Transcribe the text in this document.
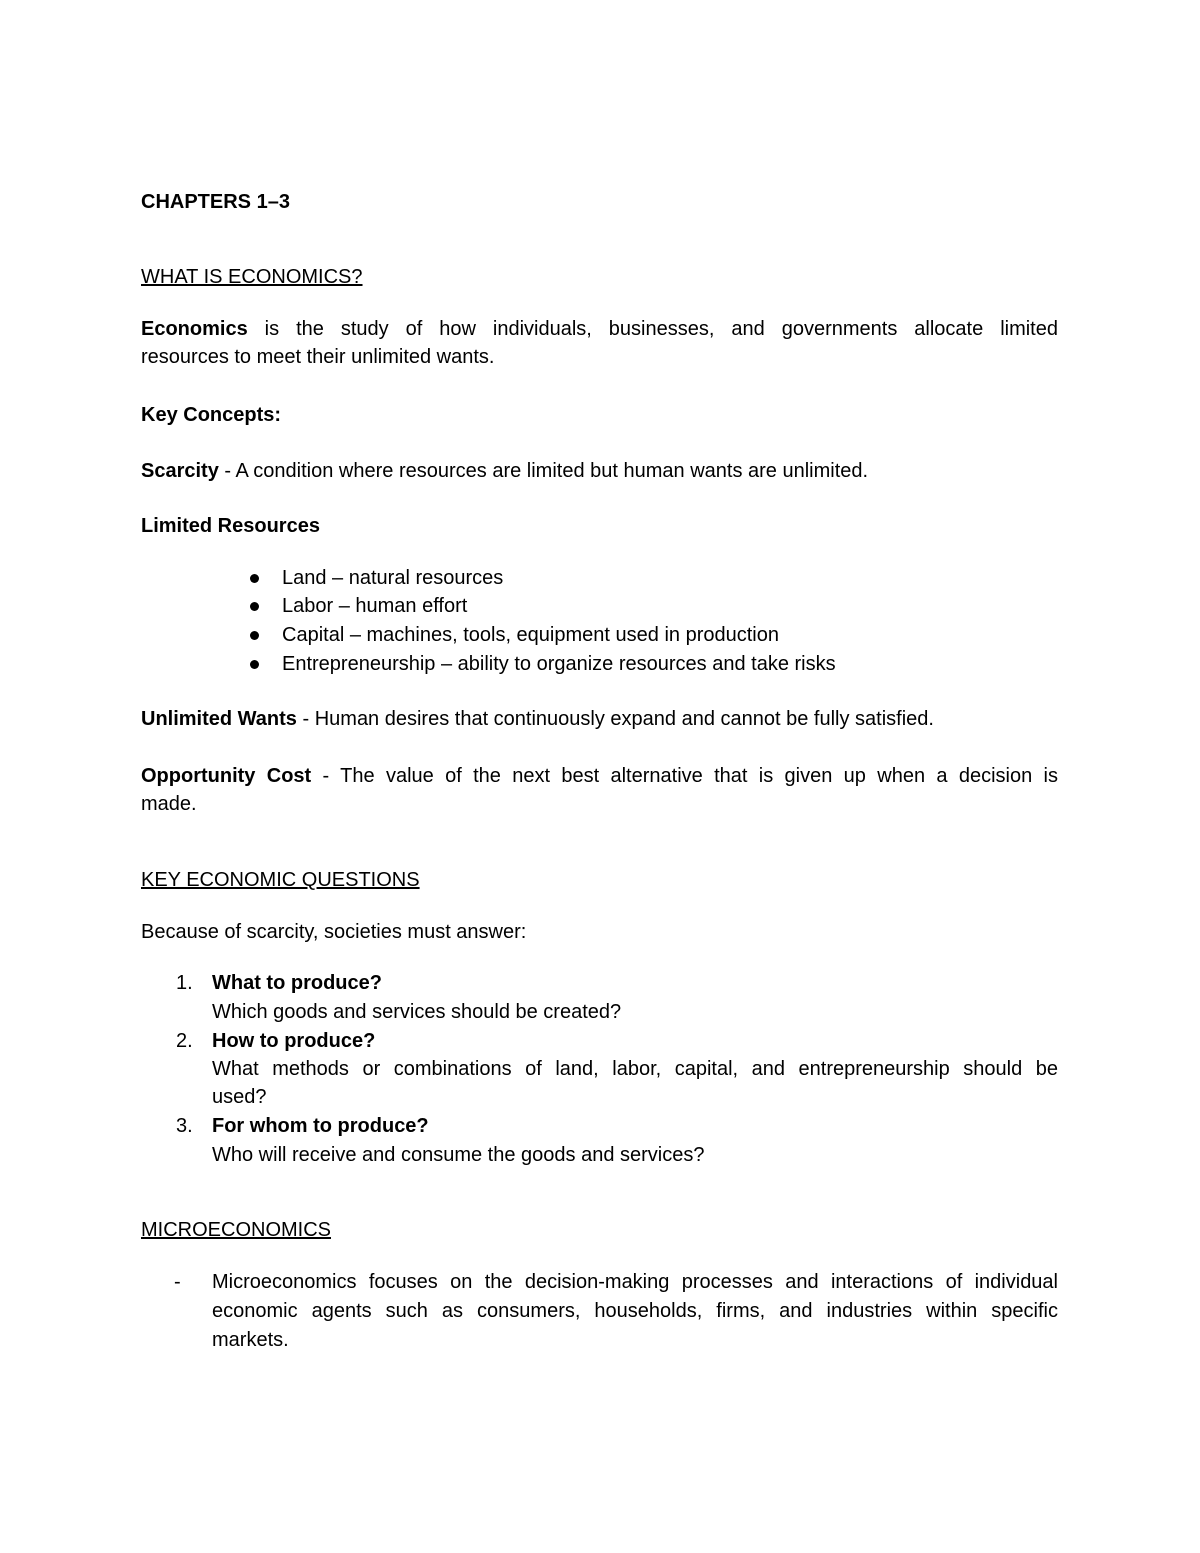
CHAPTERS 1–3
WHAT IS ECONOMICS?
Economics is the study of how individuals, businesses, and governments allocate limited
resources to meet their unlimited wants.
Key Concepts:
Scarcity - A condition where resources are limited but human wants are unlimited.
Limited Resources
Land – natural resources
Labor – human effort
Capital – machines, tools, equipment used in production
Entrepreneurship – ability to organize resources and take risks
Unlimited Wants - Human desires that continuously expand and cannot be fully satisfied.
Opportunity Cost - The value of the next best alternative that is given up when a decision is
made.
KEY ECONOMIC QUESTIONS
Because of scarcity, societies must answer:
1. What to produce?
Which goods and services should be created?
2. How to produce?
What methods or combinations of land, labor, capital, and entrepreneurship should be
used?
3. For whom to produce?
Who will receive and consume the goods and services?
MICROECONOMICS
- Microeconomics focuses on the decision-making processes and interactions of individual
economic agents such as consumers, households, firms, and industries within specific
markets.
